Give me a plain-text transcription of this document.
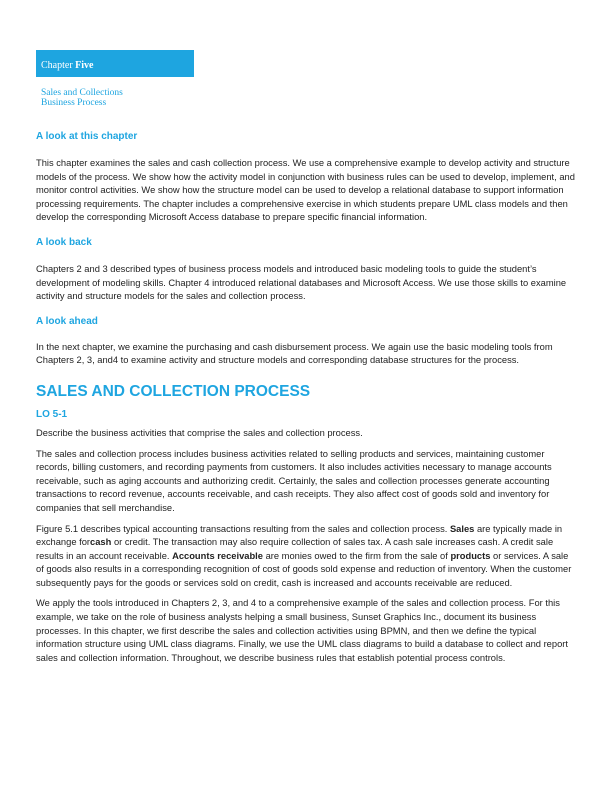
Chapter Five
Sales and Collections
Business Process

A look at this chapter

This chapter examines the sales and cash collection process. We use a comprehensive example to develop activity and structure models of the process. We show how the activity model in conjunction with business rules can be used to develop, implement, and monitor control activities. We show how the structure model can be used to develop a relational database to support information processing requirements. The chapter includes a comprehensive exercise in which students prepare UML class models and then develop the corresponding Microsoft Access database to prepare specific financial information.

A look back

Chapters 2 and 3 described types of business process models and introduced basic modeling tools to guide the student’s development of modeling skills. Chapter 4 introduced relational databases and Microsoft Access. We use those skills to examine activity and structure models for the sales and collection process.

A look ahead

In the next chapter, we examine the purchasing and cash disbursement process. We again use the basic modeling tools from Chapters 2, 3, and4 to examine activity and structure models and corresponding database structures for the process.

SALES AND COLLECTION PROCESS

LO 5-1

Describe the business activities that comprise the sales and collection process.

The sales and collection process includes business activities related to selling products and services, maintaining customer records, billing customers, and recording payments from customers. It also includes activities necessary to manage accounts receivable, such as aging accounts and authorizing credit. Certainly, the sales and collection processes generate accounting transactions to record revenue, accounts receivable, and cash receipts. They also affect cost of goods sold and inventory for companies that sell merchandise.

Figure 5.1 describes typical accounting transactions resulting from the sales and collection process. Sales are typically made in exchange forcash or credit. The transaction may also require collection of sales tax. A cash sale increases cash. A credit sale results in an account receivable. Accounts receivable are monies owed to the firm from the sale of products or services. A sale of goods also results in a corresponding recognition of cost of goods sold expense and reduction of inventory. When the customer subsequently pays for the goods or services sold on credit, cash is increased and accounts receivable are reduced.

We apply the tools introduced in Chapters 2, 3, and 4 to a comprehensive example of the sales and collection process. For this example, we take on the role of business analysts helping a small business, Sunset Graphics Inc., document its business processes. In this chapter, we first describe the sales and collection activities using BPMN, and then we define the typical information structure using UML class diagrams. Finally, we use the UML class diagrams to build a database to collect and report sales and collection information. Throughout, we describe business rules that establish potential process controls.
